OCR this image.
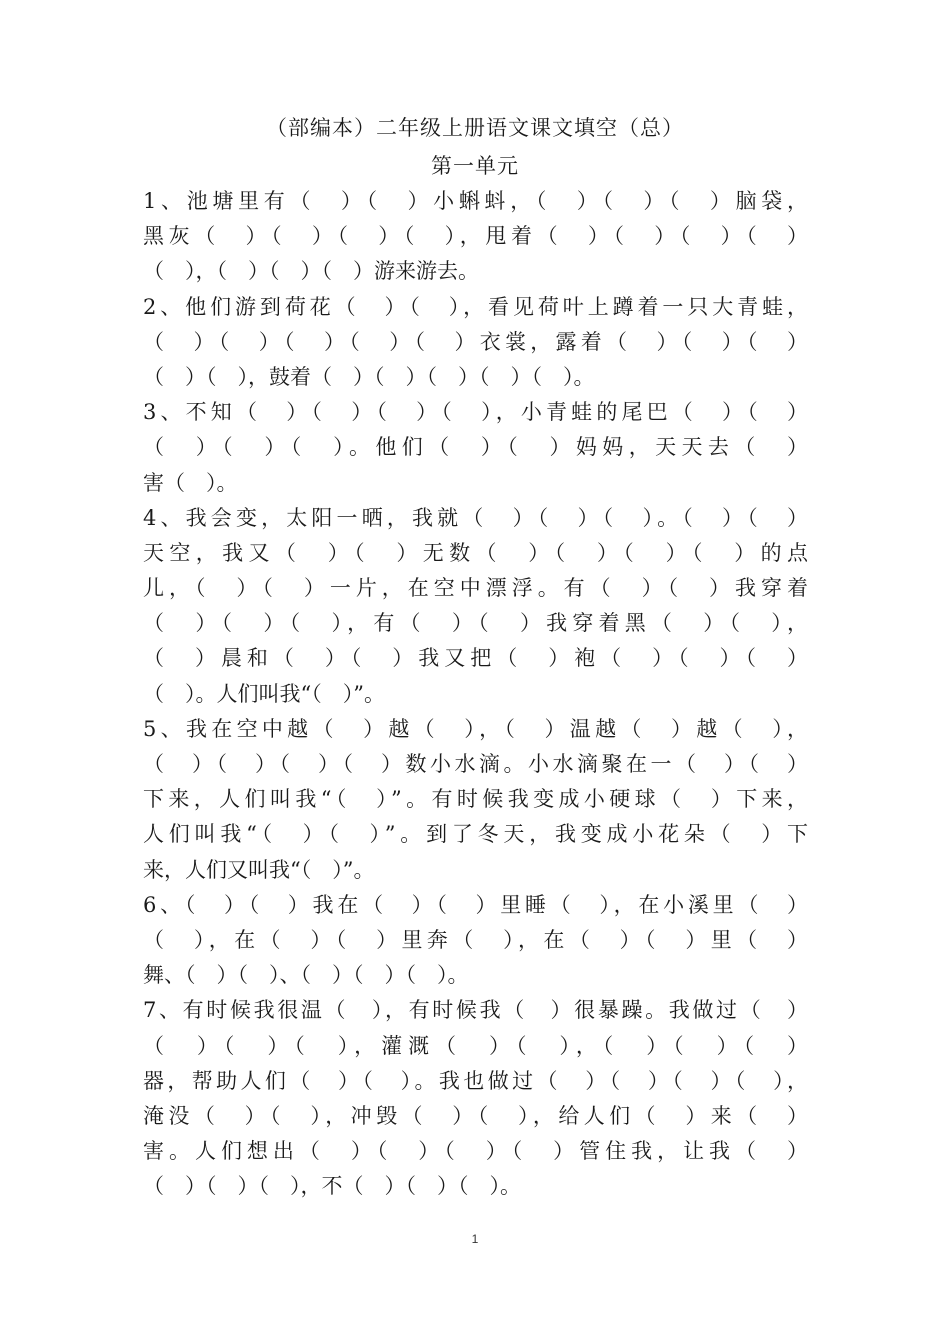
（部编本）二年级上册语文课文填空（总）
第一单元
1、池塘里有（　）（　）小蝌蚪，（　）（　）（　）脑袋，
黑灰（　）（　）（　）（　），甩着（　）（　）（　）（　）
（　），（　）（　）（　）游来游去。
2、他们游到荷花（　）（　），看见荷叶上蹲着一只大青蛙，
（　）（　）（　）（　）（　）衣裳，露着（　）（　）（　）
（　）（　），鼓着（　）（　）（　）（　）（　）。
3、不知（　）（　）（　）（　），小青蛙的尾巴（　）（　）
（　）（　）（　）。他们（　）（　）妈妈，天天去（　）
害（　）。
4、我会变，太阳一晒，我就（　）（　）（　）。（　）（　）
天空，我又（　）（　）无数（　）（　）（　）（　）的点
儿，（　）（　）一片，在空中漂浮。有（　）（　）我穿着
（　）（　）（　），有（　）（　）我穿着黑（　）（　），
（　）晨和（　）（　）我又把（　）袍（　）（　）（　）
（　）。人们叫我“（　）”。
5、我在空中越（　）越（　），（　）温越（　）越（　），
（　）（　）（　）（　）数小水滴。小水滴聚在一（　）（　）
下来，人们叫我“（　）”。有时候我变成小硬球（　）下来，
人们叫我“（　）（　）”。到了冬天，我变成小花朵（　）下
来，人们又叫我“（　）”。
6、（　）（　）我在（　）（　）里睡（　），在小溪里（　）
（　），在（　）（　）里奔（　），在（　）（　）里（　）
舞、（　）（　）、（　）（　）（　）。
7、有时候我很温（　），有时候我（　）很暴躁。我做过（　）
（　）（　）（　），灌溉（　）（　），（　）（　）（　）
器，帮助人们（　）（　）。我也做过（　）（　）（　）（　），
淹没（　）（　），冲毁（　）（　），给人们（　）来（　）
害。人们想出（　）（　）（　）（　）管住我，让我（　）
（　）（　）（　），不（　）（　）（　）。
1
